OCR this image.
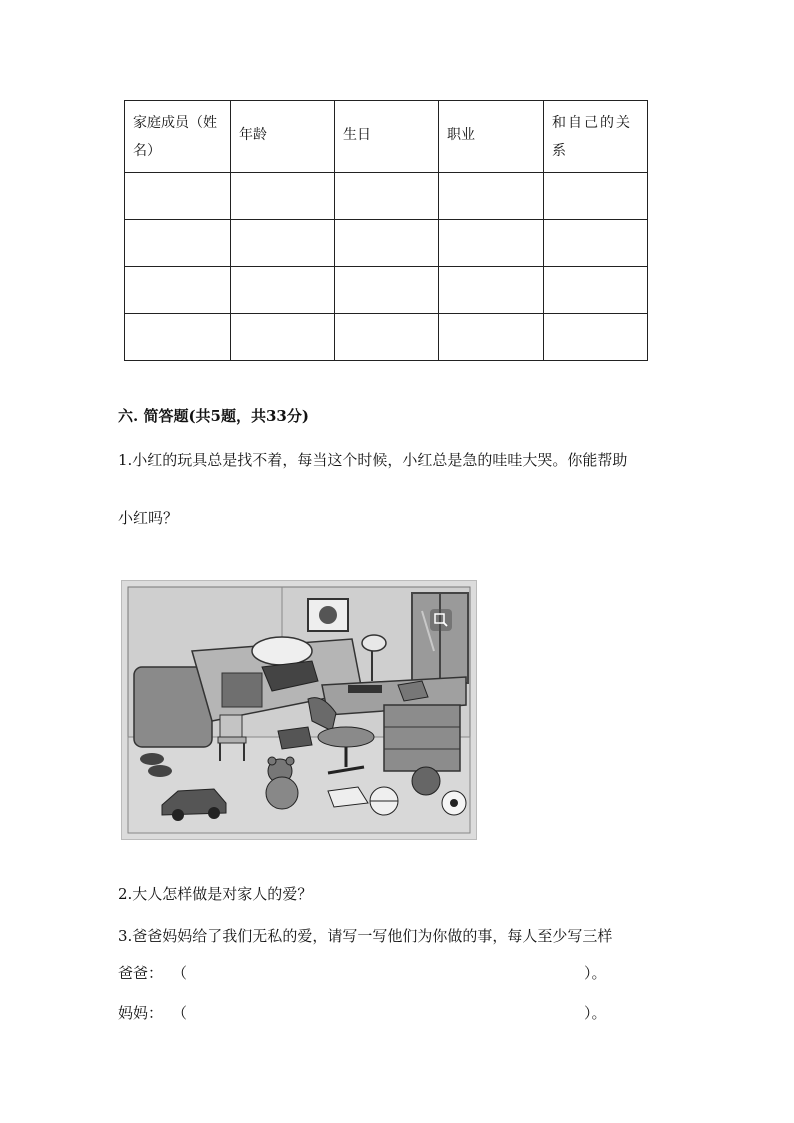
家庭成员（姓名）	年龄	生日	职业	和自己的关系

六. 简答题(共5题，共33分)
1.小红的玩具总是找不着，每当这个时候，小红总是急的哇哇大哭。你能帮助
小红吗？
2.大人怎样做是对家人的爱？
3.爸爸妈妈给了我们无私的爱，请写一写他们为你做的事，每人至少写三样
爸爸： （	）。
妈妈： （	）。
